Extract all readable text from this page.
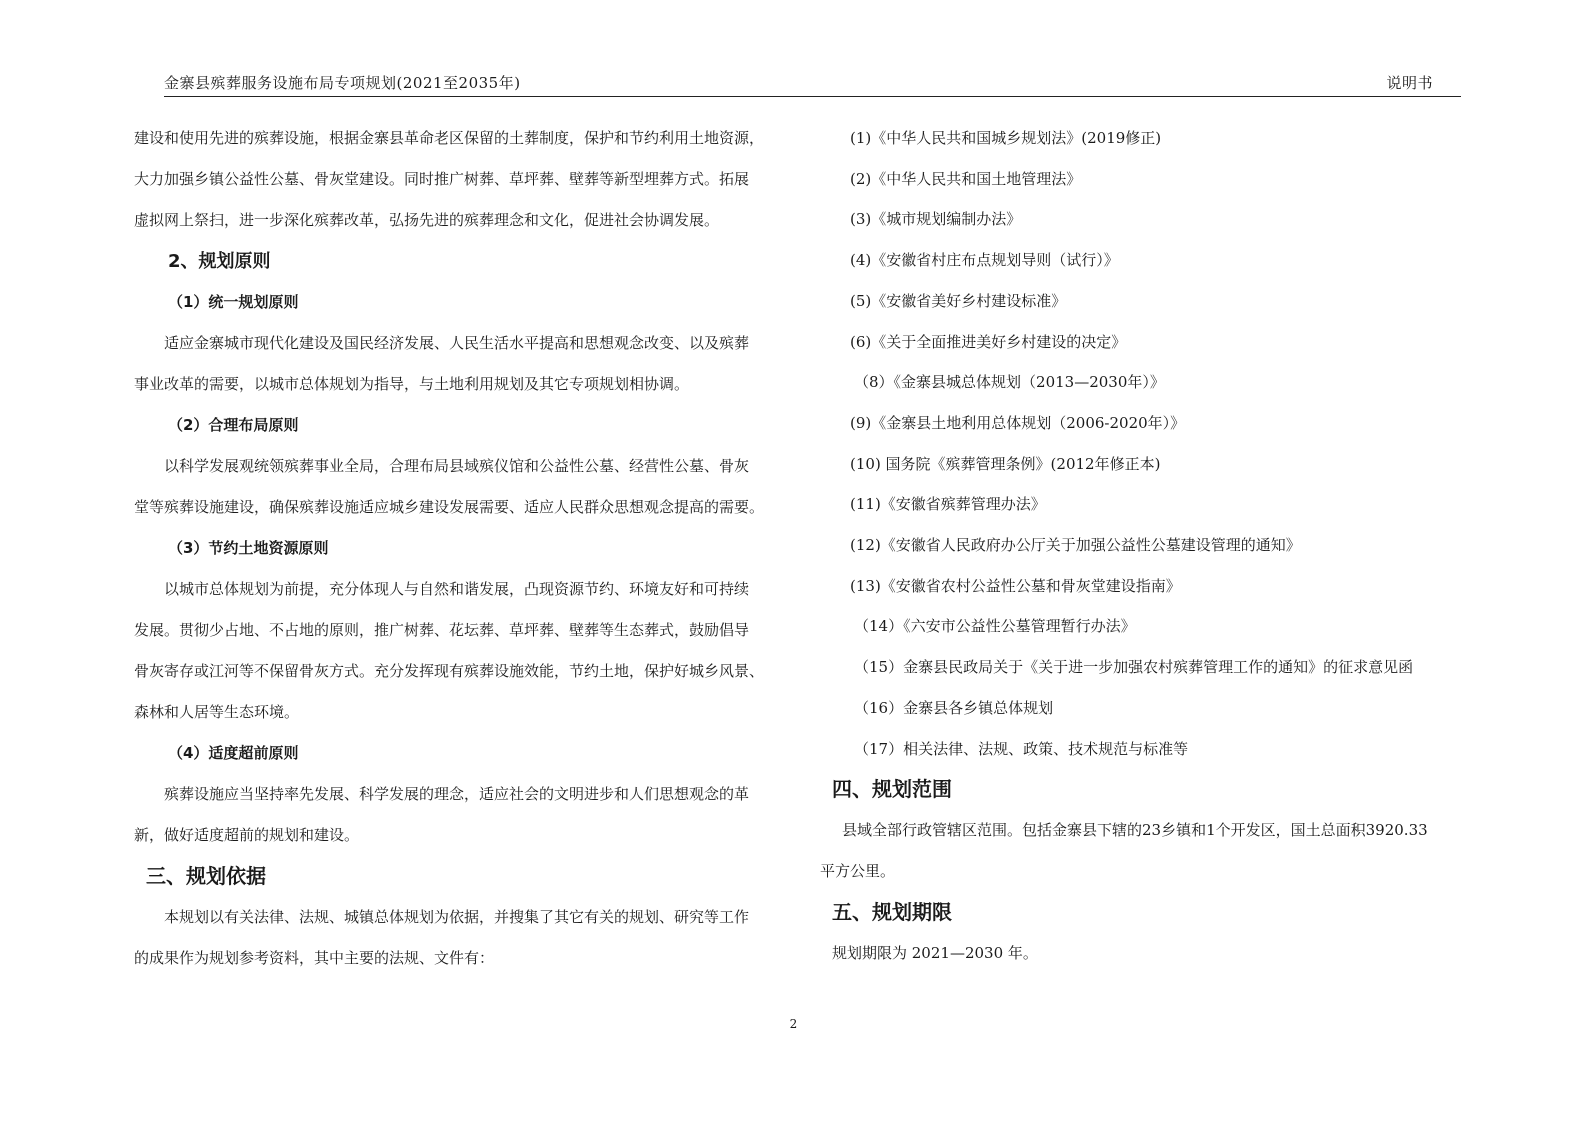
金寨县殡葬服务设施布局专项规划(2021至2035年)	说明书

建设和使用先进的殡葬设施，根据金寨县革命老区保留的土葬制度，保护和节约利用土地资源，

大力加强乡镇公益性公墓、骨灰堂建设。同时推广树葬、草坪葬、壁葬等新型埋葬方式。拓展

虚拟网上祭扫，进一步深化殡葬改革，弘扬先进的殡葬理念和文化，促进社会协调发展。

2、规划原则

（1）统一规划原则

适应金寨城市现代化建设及国民经济发展、人民生活水平提高和思想观念改变、以及殡葬

事业改革的需要，以城市总体规划为指导，与土地利用规划及其它专项规划相协调。

（2）合理布局原则

以科学发展观统领殡葬事业全局，合理布局县域殡仪馆和公益性公墓、经营性公墓、骨灰

堂等殡葬设施建设，确保殡葬设施适应城乡建设发展需要、适应人民群众思想观念提高的需要。

（3）节约土地资源原则

以城市总体规划为前提，充分体现人与自然和谐发展，凸现资源节约、环境友好和可持续

发展。贯彻少占地、不占地的原则，推广树葬、花坛葬、草坪葬、壁葬等生态葬式，鼓励倡导

骨灰寄存或江河等不保留骨灰方式。充分发挥现有殡葬设施效能，节约土地，保护好城乡风景、

森林和人居等生态环境。

（4）适度超前原则

殡葬设施应当坚持率先发展、科学发展的理念，适应社会的文明进步和人们思想观念的革

新，做好适度超前的规划和建设。

三、规划依据

本规划以有关法律、法规、城镇总体规划为依据，并搜集了其它有关的规划、研究等工作

的成果作为规划参考资料，其中主要的法规、文件有：

(1)《中华人民共和国城乡规划法》(2019修正)

(2)《中华人民共和国土地管理法》

(3)《城市规划编制办法》

(4)《安徽省村庄布点规划导则（试行）》

(5)《安徽省美好乡村建设标准》

(6)《关于全面推进美好乡村建设的决定》

（8）《金寨县城总体规划（2013—2030年）》

(9)《金寨县土地利用总体规划（2006-2020年）》

(10) 国务院《殡葬管理条例》(2012年修正本)

(11)《安徽省殡葬管理办法》

(12)《安徽省人民政府办公厅关于加强公益性公墓建设管理的通知》

(13)《安徽省农村公益性公墓和骨灰堂建设指南》

（14）《六安市公益性公墓管理暂行办法》

（15）金寨县民政局关于《关于进一步加强农村殡葬管理工作的通知》的征求意见函

（16）金寨县各乡镇总体规划

（17）相关法律、法规、政策、技术规范与标准等

四、规划范围

县域全部行政管辖区范围。包括金寨县下辖的23乡镇和1个开发区，国土总面积3920.33

平方公里。

五、规划期限

规划期限为 2021—2030 年。

2
